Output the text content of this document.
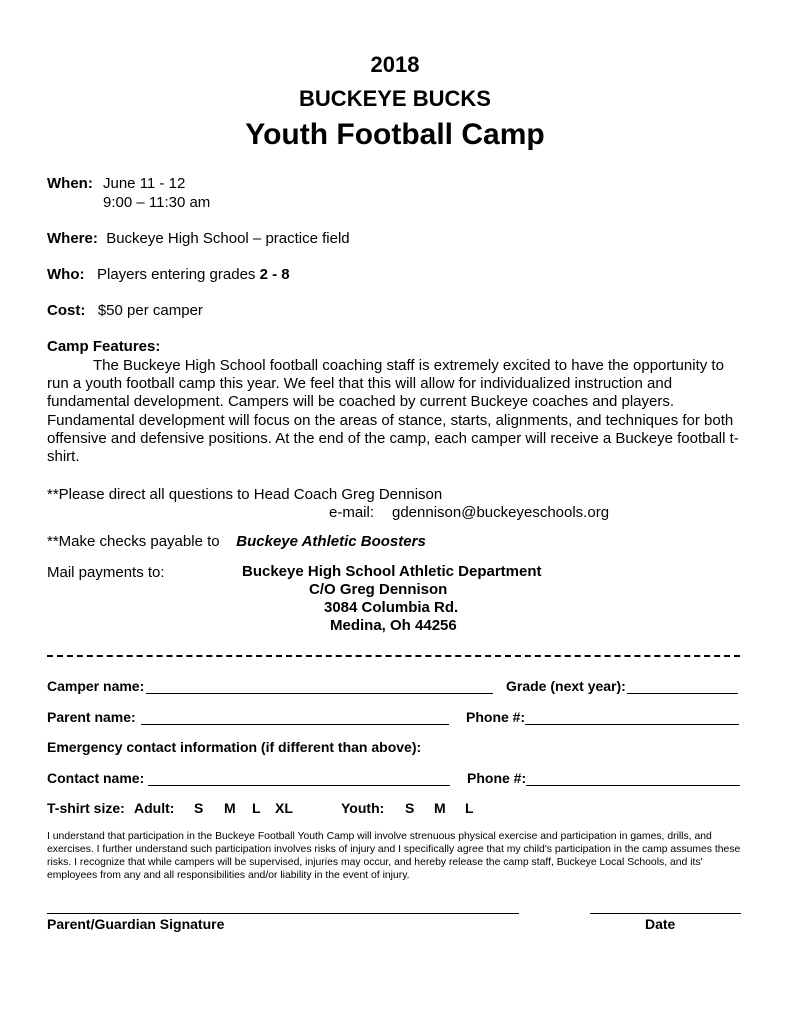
2018
BUCKEYE BUCKS
Youth Football Camp
When: June 11 - 12
9:00 – 11:30 am
Where: Buckeye High School – practice field
Who: Players entering grades 2 - 8
Cost: $50 per camper
Camp Features:
The Buckeye High School football coaching staff is extremely excited to have the opportunity to run a youth football camp this year. We feel that this will allow for individualized instruction and fundamental development. Campers will be coached by current Buckeye coaches and players. Fundamental development will focus on the areas of stance, starts, alignments, and techniques for both offensive and defensive positions. At the end of the camp, each camper will receive a Buckeye football t-shirt.
**Please direct all questions to Head Coach Greg Dennison
e-mail: gdennison@buckeyeschools.org
**Make checks payable to Buckeye Athletic Boosters
Mail payments to:	Buckeye High School Athletic Department
C/O Greg Dennison
3084 Columbia Rd.
Medina, Oh 44256
Camper name:	Grade (next year):
Parent name:	Phone #:
Emergency contact information (if different than above):
Contact name:	Phone #:
T-shirt size: Adult: S M L XL	Youth: S M L
I understand that participation in the Buckeye Football Youth Camp will involve strenuous physical exercise and participation in games, drills, and exercises. I further understand such participation involves risks of injury and I specifically agree that my child's participation in the camp assumes these risks. I recognize that while campers will be supervised, injuries may occur, and hereby release the camp staff, Buckeye Local Schools, and its' employees from any and all responsibilities and/or liability in the event of injury.
Parent/Guardian Signature	Date
